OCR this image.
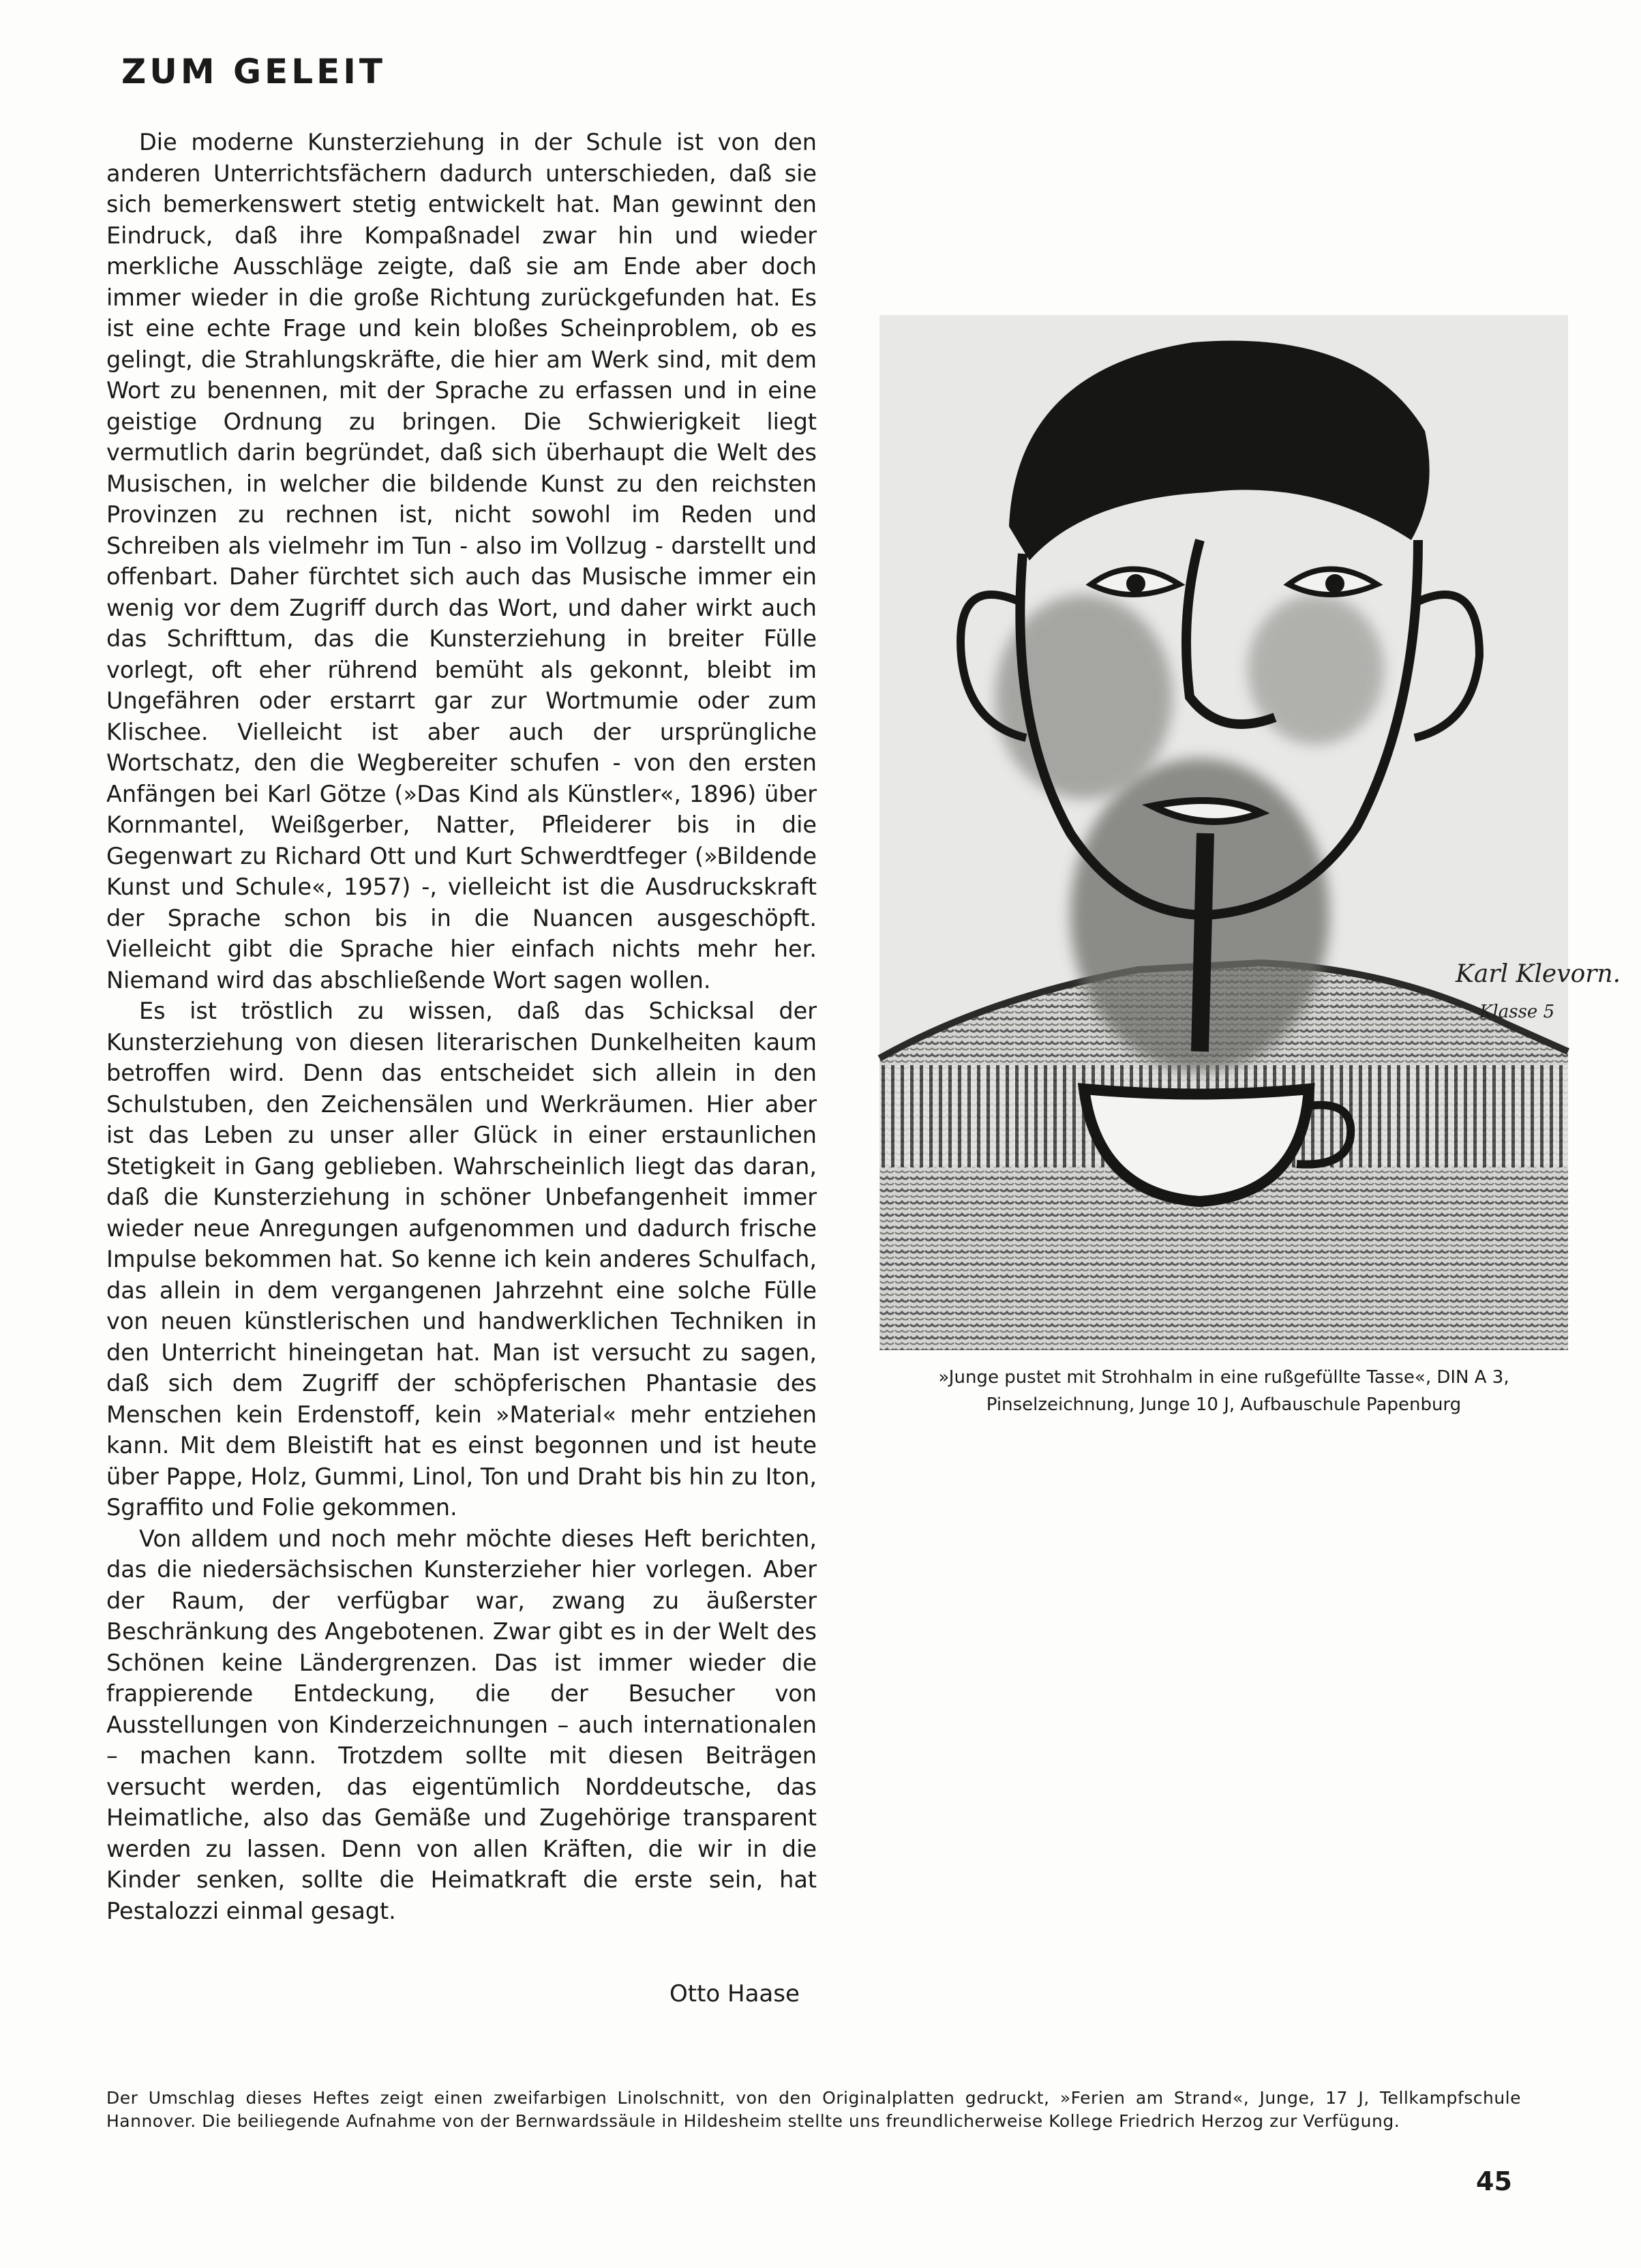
ZUM GELEIT

Die moderne Kunsterziehung in der Schule ist von den anderen Unterrichtsfächern dadurch unterschieden, daß sie sich bemerkenswert stetig entwickelt hat. Man gewinnt den Eindruck, daß ihre Kompaßnadel zwar hin und wieder merkliche Ausschläge zeigte, daß sie am Ende aber doch immer wieder in die große Richtung zurückgefunden hat. Es ist eine echte Frage und kein bloßes Scheinproblem, ob es gelingt, die Strahlungskräfte, die hier am Werk sind, mit dem Wort zu benennen, mit der Sprache zu erfassen und in eine geistige Ordnung zu bringen. Die Schwierigkeit liegt vermutlich darin begründet, daß sich überhaupt die Welt des Musischen, in welcher die bildende Kunst zu den reichsten Provinzen zu rechnen ist, nicht sowohl im Reden und Schreiben als vielmehr im Tun - also im Vollzug - darstellt und offenbart. Daher fürchtet sich auch das Musische immer ein wenig vor dem Zugriff durch das Wort, und daher wirkt auch das Schrifttum, das die Kunsterziehung in breiter Fülle vorlegt, oft eher rührend bemüht als gekonnt, bleibt im Ungefähren oder erstarrt gar zur Wortmumie oder zum Klischee. Vielleicht ist aber auch der ursprüngliche Wortschatz, den die Wegbereiter schufen - von den ersten Anfängen bei Karl Götze (»Das Kind als Künstler«, 1896) über Kornmantel, Weißgerber, Natter, Pfleiderer bis in die Gegenwart zu Richard Ott und Kurt Schwerdtfeger (»Bildende Kunst und Schule«, 1957) -, vielleicht ist die Ausdruckskraft der Sprache schon bis in die Nuancen ausgeschöpft. Vielleicht gibt die Sprache hier einfach nichts mehr her. Niemand wird das abschließende Wort sagen wollen.

Es ist tröstlich zu wissen, daß das Schicksal der Kunsterziehung von diesen literarischen Dunkelheiten kaum betroffen wird. Denn das entscheidet sich allein in den Schulstuben, den Zeichensälen und Werkräumen. Hier aber ist das Leben zu unser aller Glück in einer erstaunlichen Stetigkeit in Gang geblieben. Wahrscheinlich liegt das daran, daß die Kunsterziehung in schöner Unbefangenheit immer wieder neue Anregungen aufgenommen und dadurch frische Impulse bekommen hat. So kenne ich kein anderes Schulfach, das allein in dem vergangenen Jahrzehnt eine solche Fülle von neuen künstlerischen und handwerklichen Techniken in den Unterricht hineingetan hat. Man ist versucht zu sagen, daß sich dem Zugriff der schöpferischen Phantasie des Menschen kein Erdenstoff, kein »Material« mehr entziehen kann. Mit dem Bleistift hat es einst begonnen und ist heute über Pappe, Holz, Gummi, Linol, Ton und Draht bis hin zu Iton, Sgraffito und Folie gekommen.

Von alldem und noch mehr möchte dieses Heft berichten, das die niedersächsischen Kunsterzieher hier vorlegen. Aber der Raum, der verfügbar war, zwang zu äußerster Beschränkung des Angebotenen. Zwar gibt es in der Welt des Schönen keine Ländergrenzen. Das ist immer wieder die frappierende Entdeckung, die der Besucher von Ausstellungen von Kinderzeichnungen – auch internationalen – machen kann. Trotzdem sollte mit diesen Beiträgen versucht werden, das eigentümlich Norddeutsche, das Heimatliche, also das Gemäße und Zugehörige transparent werden zu lassen. Denn von allen Kräften, die wir in die Kinder senken, sollte die Heimatkraft die erste sein, hat Pestalozzi einmal gesagt.

Otto Haase
Karl Klevorn.
Klasse 5
»Junge pustet mit Strohhalm in eine rußgefüllte Tasse«, DIN A 3,
Pinselzeichnung, Junge 10 J, Aufbauschule Papenburg
Der Umschlag dieses Heftes zeigt einen zweifarbigen Linolschnitt, von den Originalplatten gedruckt, »Ferien am Strand«, Junge, 17 J, Tellkampfschule Hannover. Die beiliegende Aufnahme von der Bernwardssäule in Hildesheim stellte uns freundlicherweise Kollege Friedrich Herzog zur Verfügung.
45
